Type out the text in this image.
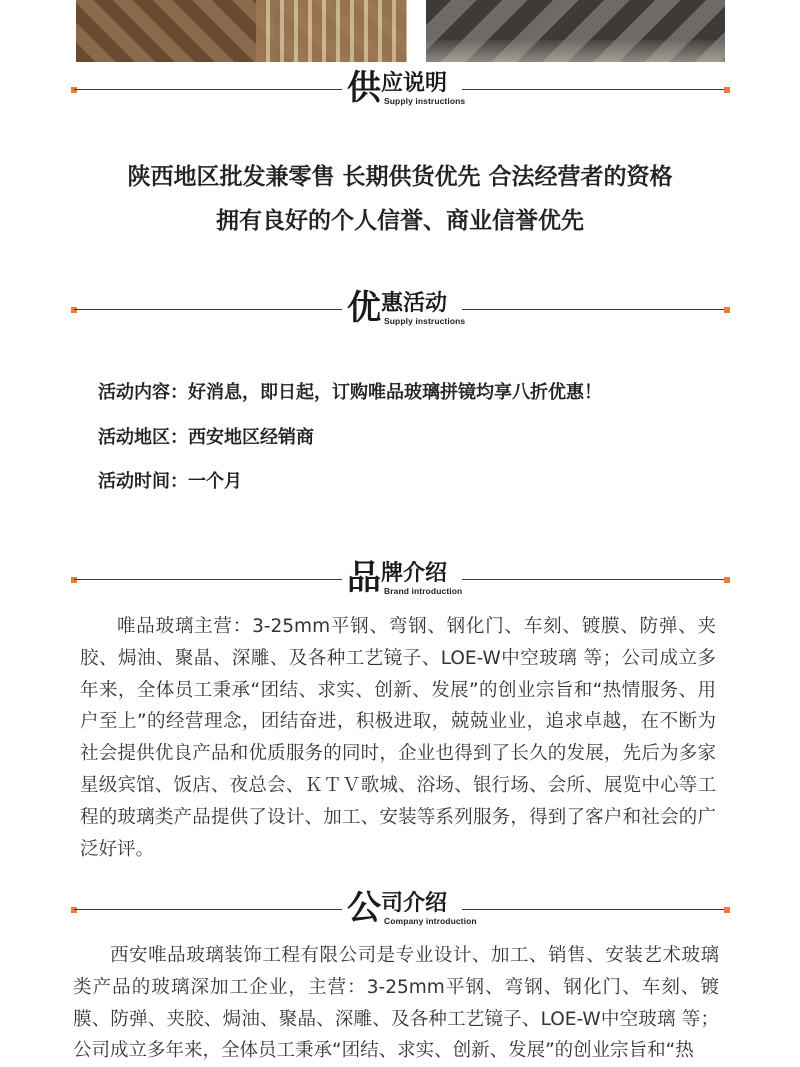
供应说明
Supply instructions
陕西地区批发兼零售 长期供货优先 合法经营者的资格
拥有良好的个人信誉、商业信誉优先
优惠活动
Supply instructions
活动内容：好消息，即日起，订购唯品玻璃拼镜均享八折优惠！
活动地区：西安地区经销商
活动时间：一个月
品牌介绍
Brand introduction

唯品玻璃主营：3-25mm平钢、弯钢、钢化门、车刻、镀膜、防弹、夹胶、焗油、聚晶、深雕、及各种工艺镜子、LOE-W中空玻璃 等；公司成立多年来，全体员工秉承“团结、求实、创新、发展”的创业宗旨和“热情服务、用户至上”的经营理念，团结奋进，积极进取，兢兢业业，追求卓越，在不断为社会提供优良产品和优质服务的同时，企业也得到了长久的发展，先后为多家星级宾馆、饭店、夜总会、ＫＴＶ歌城、浴场、银行场、会所、展览中心等工程的玻璃类产品提供了设计、加工、安装等系列服务，得到了客户和社会的广泛好评。

公司介绍
Company introduction

西安唯品玻璃装饰工程有限公司是专业设计、加工、销售、安装艺术玻璃类产品的玻璃深加工企业，主营：3-25mm平钢、弯钢、钢化门、车刻、镀膜、防弹、夹胶、焗油、聚晶、深雕、及各种工艺镜子、LOE-W中空玻璃 等；公司成立多年来，全体员工秉承“团结、求实、创新、发展”的创业宗旨和“热
